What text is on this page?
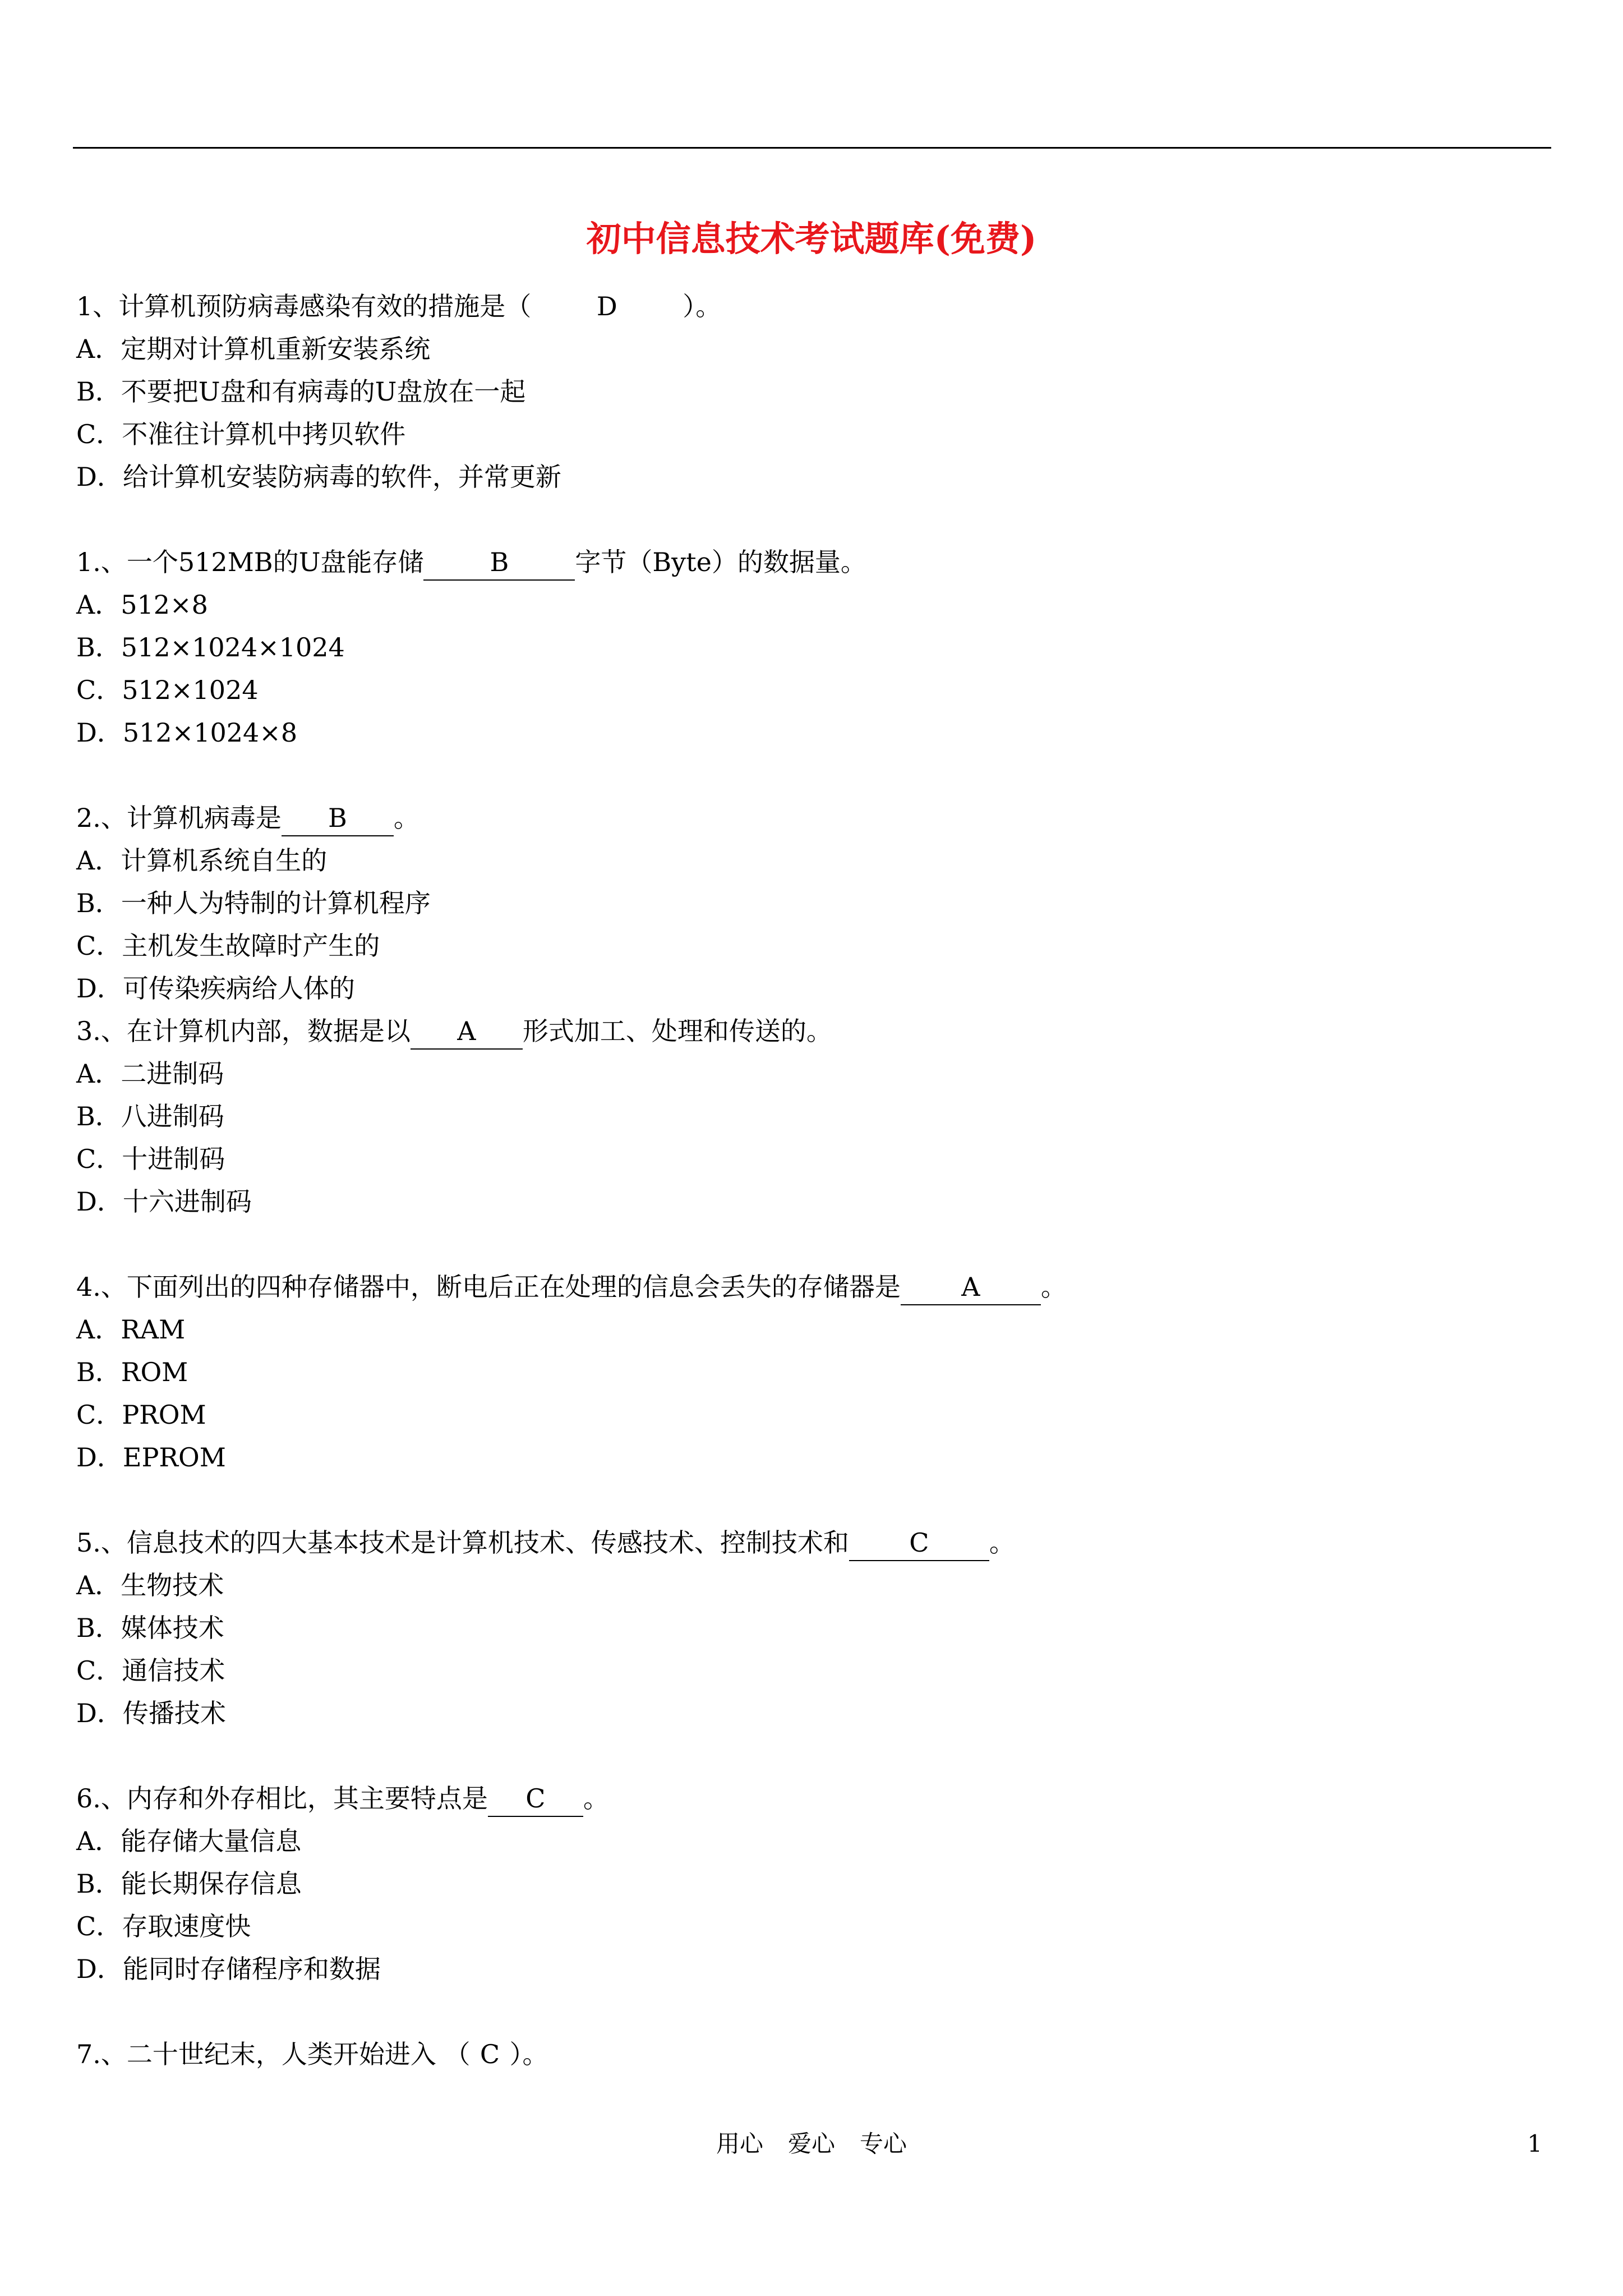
初中信息技术考试题库(免费)
1、计算机预防病毒感染有效的措施是（	D	）。
A．定期对计算机重新安装系统
B．不要把U盘和有病毒的U盘放在一起
C．不准往计算机中拷贝软件
D．给计算机安装防病毒的软件，并常更新
1.、一个512MB的U盘能存储	B	字节（Byte）的数据量。
A．512×8
B．512×1024×1024
C．512×1024
D．512×1024×8
2.、计算机病毒是 B 。
A．计算机系统自生的
B．一种人为特制的计算机程序
C．主机发生故障时产生的
D．可传染疾病给人体的
3.、在计算机内部，数据是以 A 形式加工、处理和传送的。
A．二进制码
B．八进制码
C．十进制码
D．十六进制码
4.、下面列出的四种存储器中，断电后正在处理的信息会丢失的存储器是 A 。
A．RAM
B．ROM
C．PROM
D．EPROM
5.、信息技术的四大基本技术是计算机技术、传感技术、控制技术和 C 。
A．生物技术
B．媒体技术
C．通信技术
D．传播技术
6.、内存和外存相比，其主要特点是 C 。
A．能存储大量信息
B．能长期保存信息
C．存取速度快
D．能同时存储程序和数据
7.、二十世纪末，人类开始进入 （ C ）。
用心 爱心 专心	1
